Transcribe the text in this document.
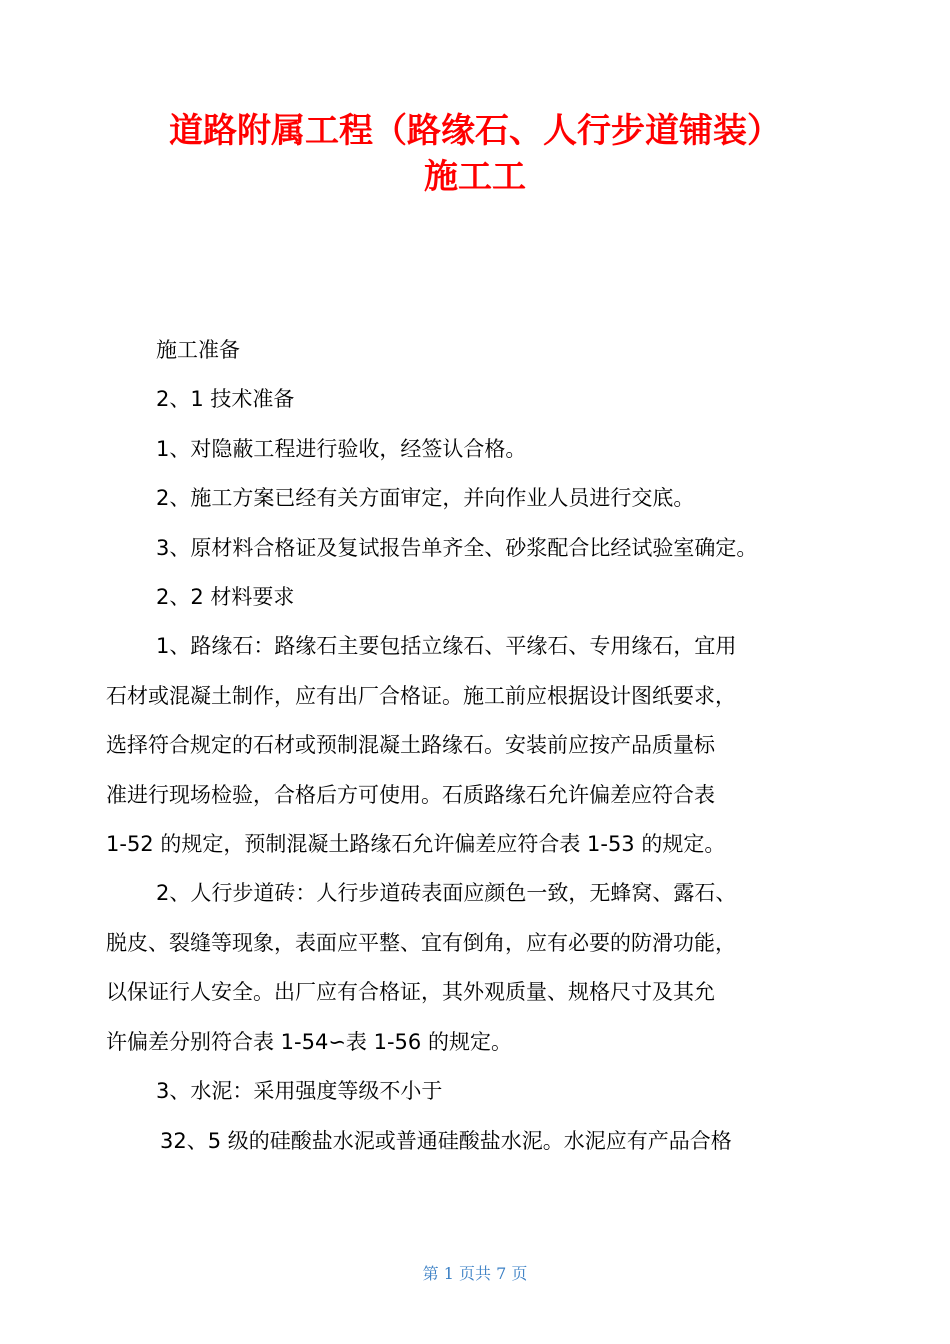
道路附属工程（路缘石、人行步道铺装）
施工工

施工准备

2、1 技术准备

1、对隐蔽工程进行验收，经签认合格。

2、施工方案已经有关方面审定，并向作业人员进行交底。

3、原材料合格证及复试报告单齐全、砂浆配合比经试验室确定。

2、2 材料要求

1、路缘石：路缘石主要包括立缘石、平缘石、专用缘石，宜用

石材或混凝土制作，应有出厂合格证。施工前应根据设计图纸要求，

选择符合规定的石材或预制混凝土路缘石。安装前应按产品质量标

准进行现场检验，合格后方可使用。石质路缘石允许偏差应符合表

1-52 的规定，预制混凝土路缘石允许偏差应符合表 1-53 的规定。

2、人行步道砖：人行步道砖表面应颜色一致，无蜂窝、露石、

脱皮、裂缝等现象，表面应平整、宜有倒角，应有必要的防滑功能，

以保证行人安全。出厂应有合格证，其外观质量、规格尺寸及其允

许偏差分别符合表 1-54∽表 1-56 的规定。

3、水泥：采用强度等级不小于

32、5 级的硅酸盐水泥或普通硅酸盐水泥。水泥应有产品合格

第 1 页共 7 页
